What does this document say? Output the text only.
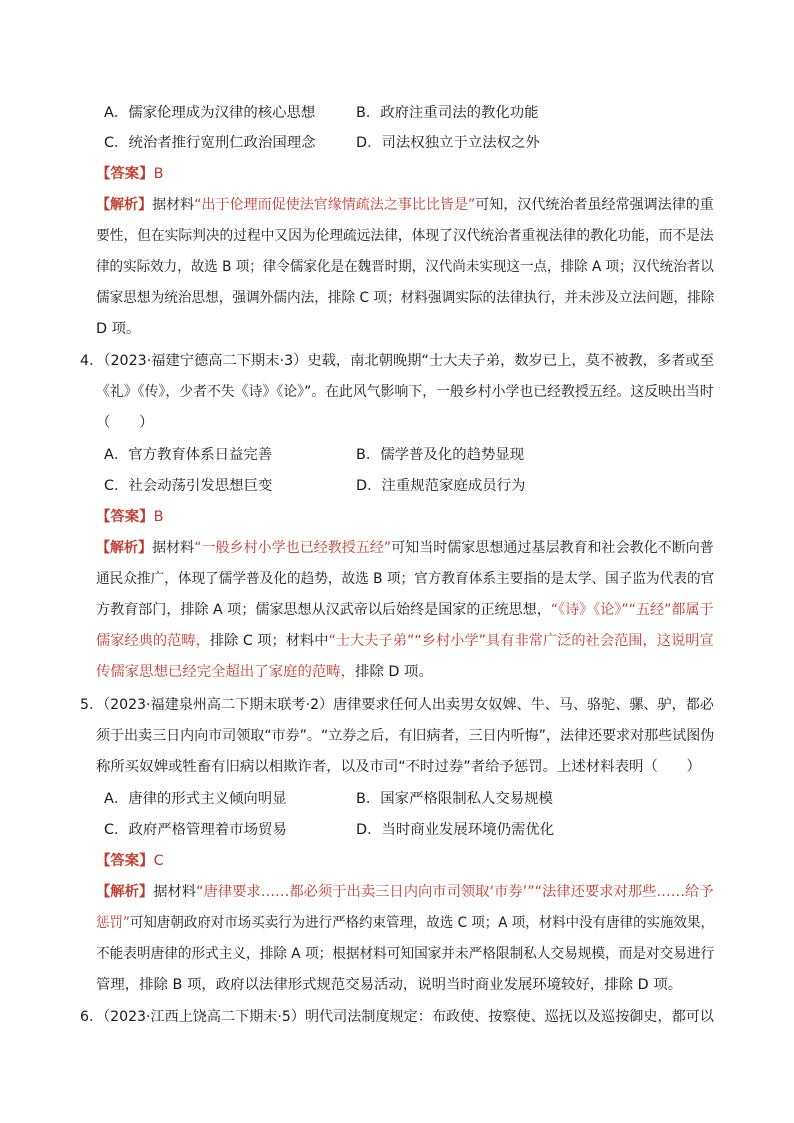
A．儒家伦理成为汉律的核心思想	B．政府注重司法的教化功能
C．统治者推行宽刑仁政治国理念	D．司法权独立于立法权之外
【答案】B
【解析】据材料“出于伦理而促使法官缘情疏法之事比比皆是”可知，汉代统治者虽经常强调法律的重
要性，但在实际判决的过程中又因为伦理疏远法律，体现了汉代统治者重视法律的教化功能，而不是法
律的实际效力，故选 B 项；律令儒家化是在魏晋时期，汉代尚未实现这一点，排除 A 项；汉代统治者以
儒家思想为统治思想，强调外儒内法，排除 C 项；材料强调实际的法律执行，并未涉及立法问题，排除
D 项。
4．（2023·福建宁德高二下期末·3）史载，南北朝晚期“士大夫子弟，数岁已上，莫不被教，多者或至
《礼》《传》，少者不失《诗》《论》”。在此风气影响下，一般乡村小学也已经教授五经。这反映出当时
（　　）
A．官方教育体系日益完善	B．儒学普及化的趋势显现
C．社会动荡引发思想巨变	D．注重规范家庭成员行为
【答案】B
【解析】据材料“一般乡村小学也已经教授五经”可知当时儒家思想通过基层教育和社会教化不断向普
通民众推广，体现了儒学普及化的趋势，故选 B 项；官方教育体系主要指的是太学、国子监为代表的官
方教育部门，排除 A 项；儒家思想从汉武帝以后始终是国家的正统思想，“《诗》《论》”“五经”都属于
儒家经典的范畴，排除 C 项；材料中“士大夫子弟”“乡村小学”具有非常广泛的社会范围，这说明宣
传儒家思想已经完全超出了家庭的范畴，排除 D 项。
5．（2023·福建泉州高二下期末联考·2）唐律要求任何人出卖男女奴婢、牛、马、骆驼、骡、驴，都必
须于出卖三日内向市司领取“市券”。“立券之后，有旧病者，三日内听悔”，法律还要求对那些试图伪
称所买奴婢或牲畜有旧病以相欺诈者，以及市司“不时过券”者给予惩罚。上述材料表明（　　）
A．唐律的形式主义倾向明显	B．国家严格限制私人交易规模
C．政府严格管理着市场贸易	D．当时商业发展环境仍需优化
【答案】C
【解析】据材料“唐律要求……都必须于出卖三日内向市司领取‘市券’”“法律还要求对那些……给予
惩罚”可知唐朝政府对市场买卖行为进行严格约束管理，故选 C 项；A 项，材料中没有唐律的实施效果，
不能表明唐律的形式主义，排除 A 项；根据材料可知国家并未严格限制私人交易规模，而是对交易进行
管理，排除 B 项，政府以法律形式规范交易活动，说明当时商业发展环境较好，排除 D 项。
6．（2023·江西上饶高二下期末·5）明代司法制度规定：布政使、按察使、巡抚以及巡按御史，都可以
